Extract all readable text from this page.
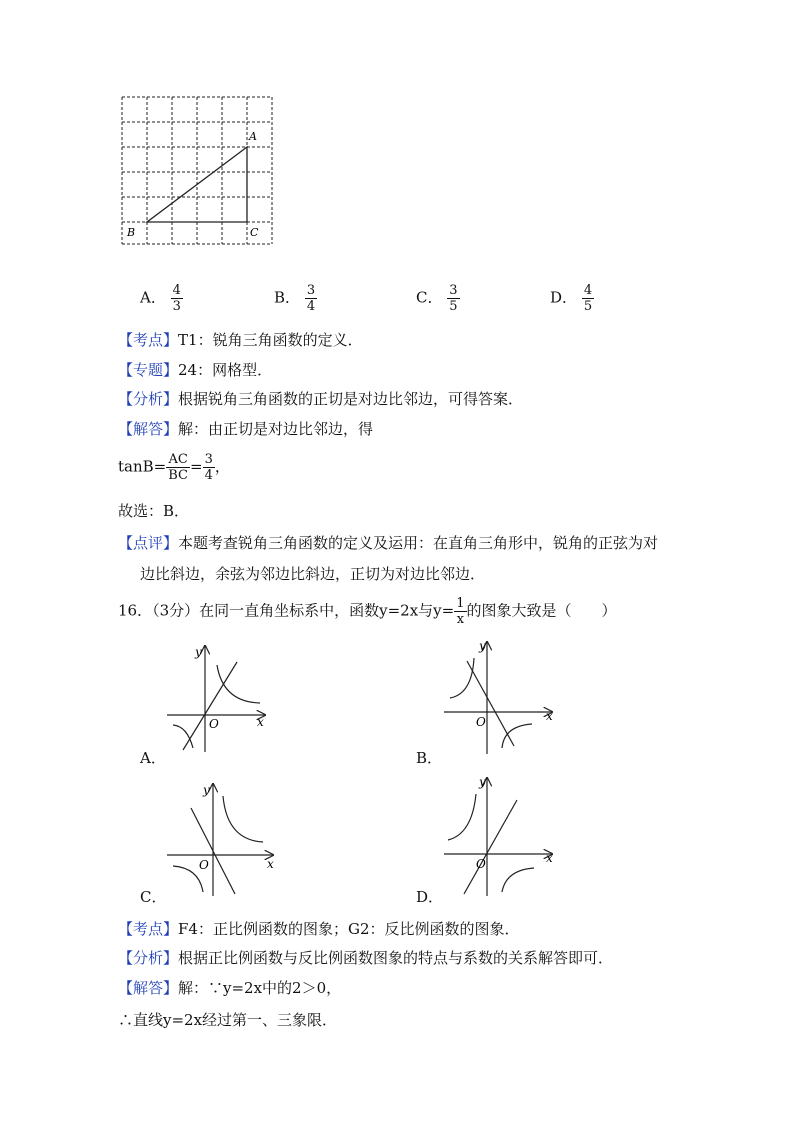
A
B	C
A． $\frac{4}{3}$	B． $\frac{3}{4}$	C． $\frac{3}{5}$	D． $\frac{4}{5}$
【考点】T1：锐角三角函数的定义．
【专题】24：网格型．
【分析】根据锐角三角函数的正切是对边比邻边，可得答案．
【解答】解：由正切是对边比邻边，得
$\tan B= \frac{AC}{BC} = \frac{3}{4}$ ，
故选：B．
【点评】本题考查锐角三角函数的定义及运用：在直角三角形中，锐角的正弦为对
边比斜边，余弦为邻边比斜边，正切为对边比邻边．
16．（3分）在同一直角坐标系中，函数y=2x与$y= \frac{1}{x}$ 的图象大致是（　　）
x
y
O
A．
x
y
O
B．
x
y
O
C．
x
y
O
D．
【考点】F4：正比例函数的图象；G2：反比例函数的图象．
【分析】根据正比例函数与反比例函数图象的特点与系数的关系解答即可．
【解答】解：∵y=2x中的2＞0，
∴直线y=2x经过第一、三象限．
